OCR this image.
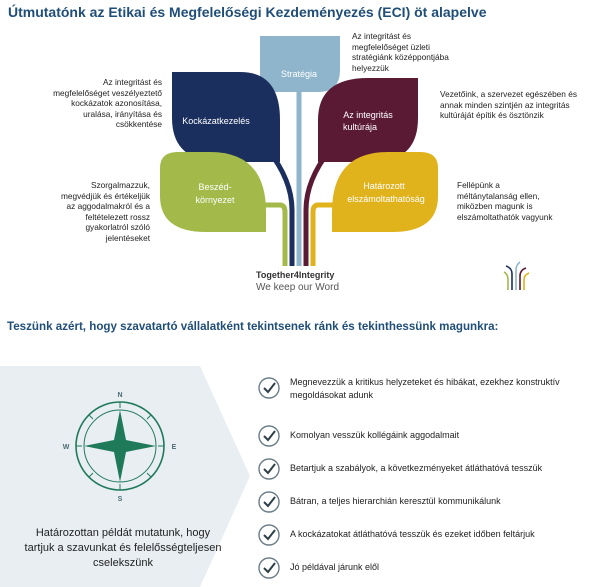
Útmutatónk az Etikai és Megfelelőségi Kezdeményezés (ECI) öt alapelve
Stratégia
Kockázatkezelés
Az integritás
kultúrája
Beszéd-
környezet
Határozott
elszámoltathatóság
Az integritást és
megfelelőséget veszélyeztető
kockázatok azonosítása,
uralása, irányítása és
csökkentése
Az integritást és
megfelelőséget üzleti
stratégiánk középpontjába
helyezzük
Vezetőink, a szervezet egészében és
annak minden szintjén az integritás
kultúráját építik és ösztönzik
Szorgalmazzuk,
megvédjük és értékeljük
az aggodalmakról és a
feltételezett rossz
gyakorlatról szóló
jelentéseket
Fellépünk a
méltánytalanság ellen,
miközben magunk is
elszámoltathatók vagyunk
Together4Integrity
We keep our Word
Teszünk azért, hogy szavatartó vállalatként tekintsenek ránk és tekinthessünk magunkra:
N
S
W	E
Határozottan példát mutatunk, hogy
tartjuk a szavunkat és felelősségteljesen
cselekszünk
Megnevezzük a kritikus helyzeteket és hibákat, ezekhez konstruktív
megoldásokat adunk
Komolyan vesszük kollégáink aggodalmait
Betartjuk a szabályok, a következményeket átláthatóvá tesszük
Bátran, a teljes hierarchián keresztül kommunikálunk
A kockázatokat átláthatóvá tesszük és ezeket időben feltárjuk
Jó példával járunk elől
